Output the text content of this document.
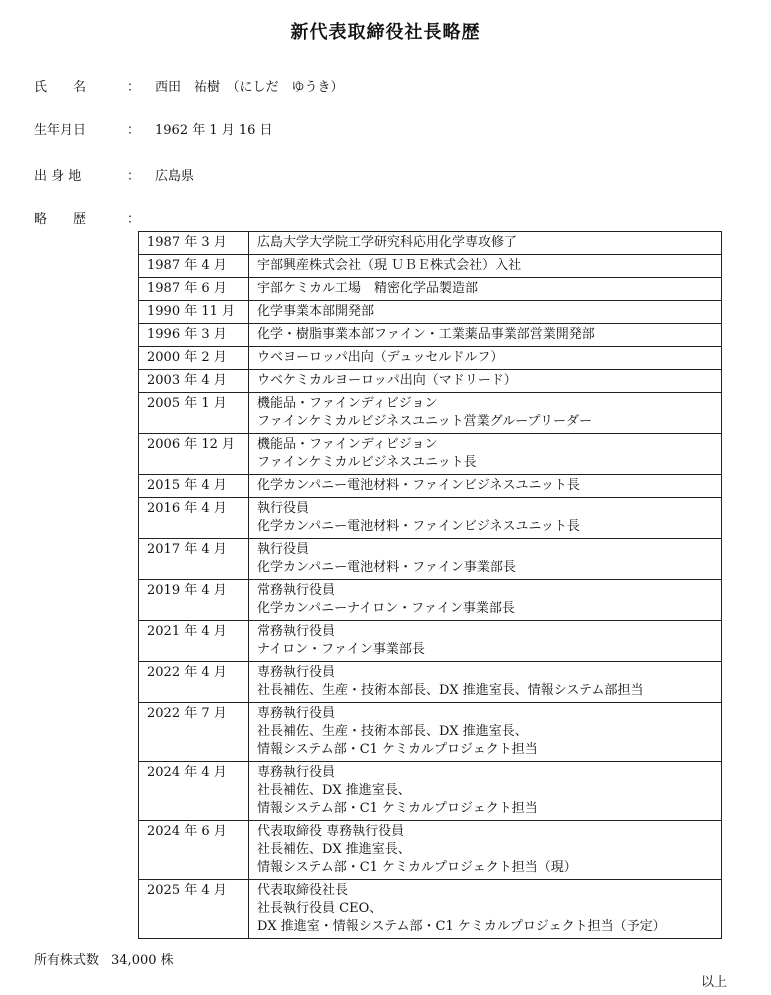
新代表取締役社長略歴
氏　　名	： 西田　祐樹　（にしだ　ゆうき）
生年月日	： 1962 年 1 月 16 日
出 身 地	： 広島県
略　　歴	：
1987 年 3 月	広島大学大学院工学研究科応用化学専攻修了

1987 年 4 月	宇部興産株式会社（現 ＵＢＥ株式会社）入社

1987 年 6 月	宇部ケミカル工場　精密化学品製造部

1990 年 11 月	化学事業本部開発部

1996 年 3 月	化学・樹脂事業本部ファイン・工業薬品事業部営業開発部

2000 年 2 月	ウベヨーロッパ出向（デュッセルドルフ）

2003 年 4 月	ウベケミカルヨーロッパ出向（マドリード）

2005 年 1 月	機能品・ファインディビジョン
ファインケミカルビジネスユニット営業グループリーダー

2006 年 12 月	機能品・ファインディビジョン
ファインケミカルビジネスユニット長

2015 年 4 月	化学カンパニー電池材料・ファインビジネスユニット長

2016 年 4 月	執行役員
化学カンパニー電池材料・ファインビジネスユニット長

2017 年 4 月	執行役員
化学カンパニー電池材料・ファイン事業部長

2019 年 4 月	常務執行役員
化学カンパニーナイロン・ファイン事業部長

2021 年 4 月	常務執行役員
ナイロン・ファイン事業部長

2022 年 4 月	専務執行役員
社長補佐、生産・技術本部長、DX 推進室長、情報システム部担当

2022 年 7 月	専務執行役員
社長補佐、生産・技術本部長、DX 推進室長、
情報システム部・C1 ケミカルプロジェクト担当

2024 年 4 月	専務執行役員
社長補佐、DX 推進室長、
情報システム部・C1 ケミカルプロジェクト担当

2024 年 6 月	代表取締役 専務執行役員
社長補佐、DX 推進室長、
情報システム部・C1 ケミカルプロジェクト担当（現）

2025 年 4 月	代表取締役社長
社長執行役員 CEO、
DX 推進室・情報システム部・C1 ケミカルプロジェクト担当（予定）
所有株式数 34,000 株
以上
